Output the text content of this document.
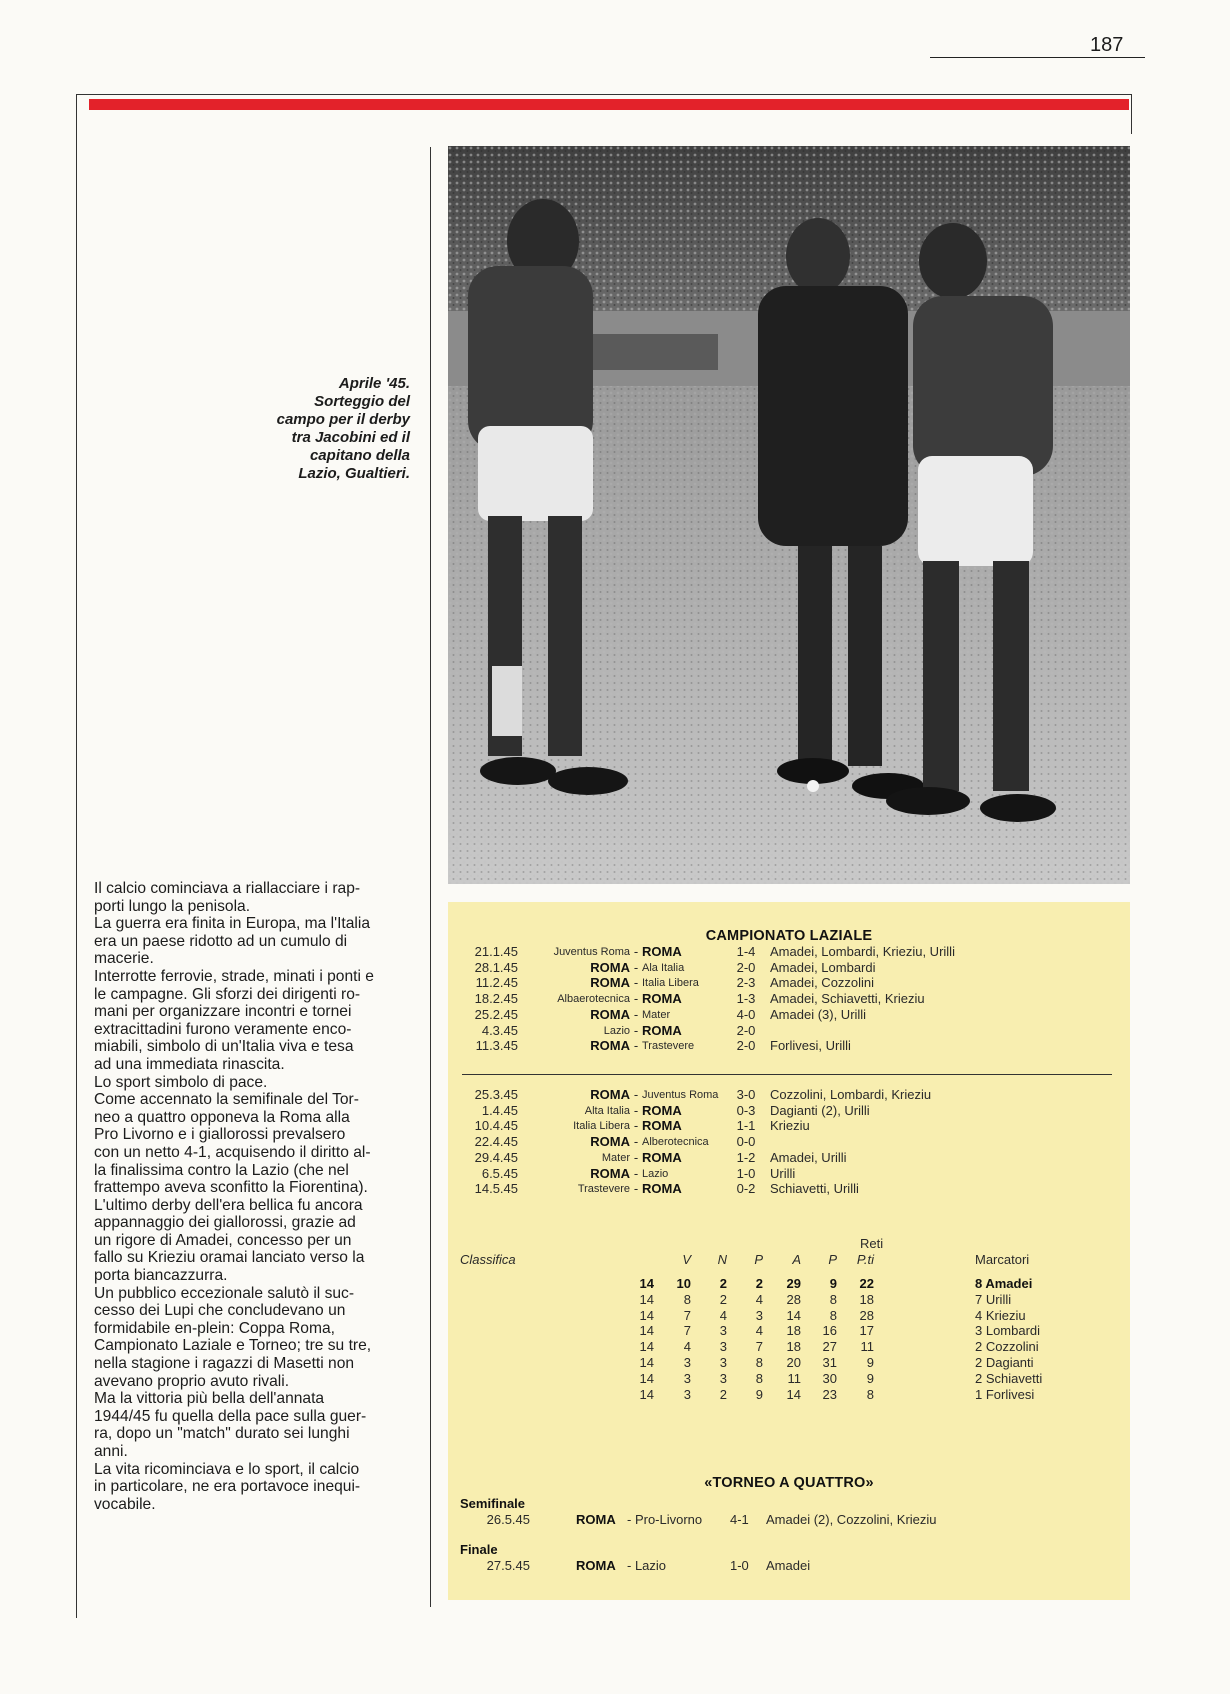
187
Aprile '45.
Sorteggio del
campo per il derby
tra Jacobini ed il
capitano della
Lazio, Gualtieri.

Il calcio cominciava a riallacciare i rap-

porti lungo la penisola.

La guerra era finita in Europa, ma l'Italia

era un paese ridotto ad un cumulo di

macerie.

Interrotte ferrovie, strade, minati i ponti e

le campagne. Gli sforzi dei dirigenti ro-

mani per organizzare incontri e tornei

extracittadini furono veramente enco-

miabili, simbolo di un'Italia viva e tesa

ad una immediata rinascita.

Lo sport simbolo di pace.

Come accennato la semifinale del Tor-

neo a quattro opponeva la Roma alla

Pro Livorno e i giallorossi prevalsero

con un netto 4-1, acquisendo il diritto al-

la finalissima contro la Lazio (che nel

frattempo aveva sconfitto la Fiorentina).

L'ultimo derby dell'era bellica fu ancora

appannaggio dei giallorossi, grazie ad

un rigore di Amadei, concesso per un

fallo su Krieziu oramai lanciato verso la

porta biancazzurra.

Un pubblico eccezionale salutò il suc-

cesso dei Lupi che concludevano un

formidabile en-plein: Coppa Roma,

Campionato Laziale e Torneo; tre su tre,

nella stagione i ragazzi di Masetti non

avevano proprio avuto rivali.

Ma la vittoria più bella dell'annata

1944/45 fu quella della pace sulla guer-

ra, dopo un "match" durato sei lunghi

anni.

La vita ricominciava e lo sport, il calcio

in particolare, ne era portavoce inequi-

vocabile.

CAMPIONATO LAZIALE
21.1.45	Juventus Roma - ROMA	1-4	Amadei, Lombardi, Krieziu, Urilli
28.1.45	ROMA - Ala Italia	2-0	Amadei, Lombardi
11.2.45	ROMA - Italia Libera	2-3	Amadei, Cozzolini
18.2.45	Albaerotecnica - ROMA	1-3	Amadei, Schiavetti, Krieziu
25.2.45	ROMA - Mater	4-0	Amadei (3), Urilli
4.3.45	Lazio - ROMA	2-0
11.3.45	ROMA - Trastevere	2-0	Forlivesi, Urilli
25.3.45	ROMA - Juventus Roma	3-0	Cozzolini, Lombardi, Krieziu
1.4.45	Alta Italia - ROMA	0-3	Dagianti (2), Urilli
10.4.45	Italia Libera - ROMA	1-1	Krieziu
22.4.45	ROMA - Alberotecnica	0-0
29.4.45	Mater - ROMA	1-2	Amadei, Urilli
6.5.45	ROMA - Lazio	1-0	Urilli
14.5.45	Trastevere - ROMA	0-2	Schiavetti, Urilli
Reti
Classifica	V	N	P	A	P	P.ti	Marcatori
14	10	2	2	29	9	22	8 Amadei
14	8	2	4	28	8	18	7 Urilli
14	7	4	3	14	8	28	4 Krieziu
14	7	3	4	18	16	17	3 Lombardi
14	4	3	7	18	27	11	2 Cozzolini
14	3	3	8	20	31	9	2 Dagianti
14	3	3	8	11	30	9	2 Schiavetti
14	3	2	9	14	23	8	1 Forlivesi
«TORNEO A QUATTRO»
Semifinale
26.5.45	ROMA - Pro-Livorno 4-1 Amadei (2), Cozzolini, Krieziu
Finale
27.5.45	ROMA - Lazio	1-0 Amadei
